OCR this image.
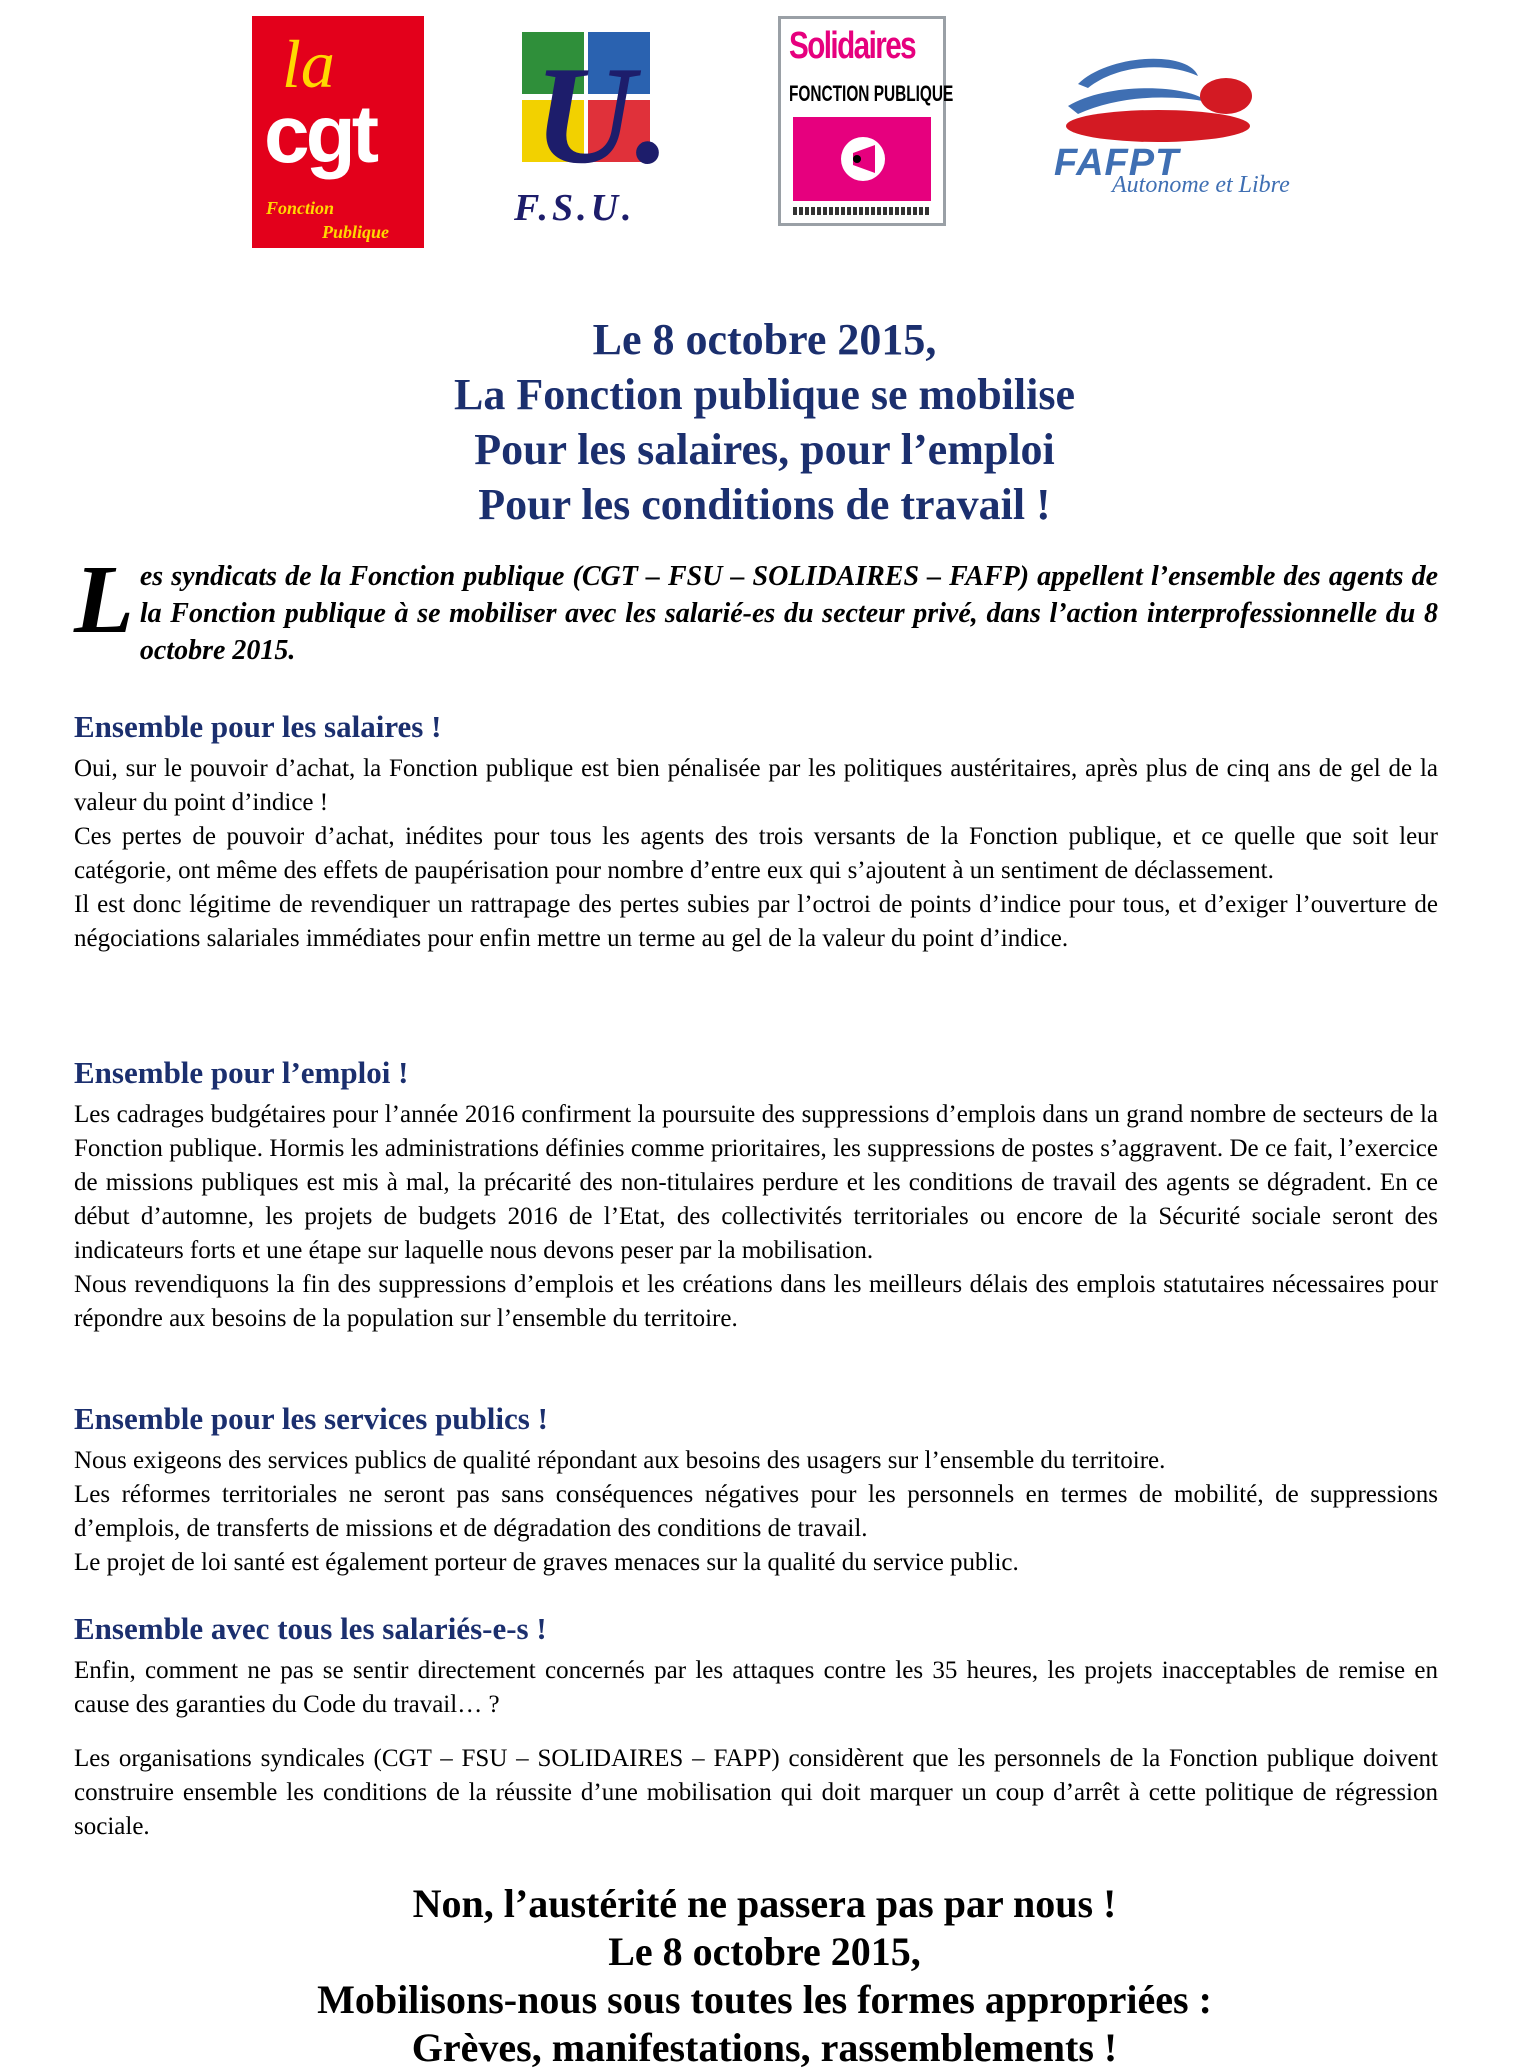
la
cgt
Fonction
Publique
U.
F.S.U.
Solidaires
FONCTION PUBLIQUE
FAFPT
Autonome et Libre
Le 8 octobre 2015,
La Fonction publique se mobilise
Pour les salaires, pour l’emploi
Pour les conditions de travail !
Les syndicats de la Fonction publique (CGT – FSU – SOLIDAIRES – FAFP) appellent l’ensemble des agents de la Fonction publique à se mobiliser avec les salarié-es du secteur privé, dans l’action interprofessionnelle du 8 octobre 2015.
Ensemble pour les salaires !

Oui, sur le pouvoir d’achat, la Fonction publique est bien pénalisée par les politiques austéritaires, après plus de cinq ans de gel de la valeur du point d’indice !

Ces pertes de pouvoir d’achat, inédites pour tous les agents des trois versants de la Fonction publique, et ce quelle que soit leur catégorie, ont même des effets de paupérisation pour nombre d’entre eux qui s’ajoutent à un sentiment de déclassement.

Il est donc légitime de revendiquer un rattrapage des pertes subies par l’octroi de points d’indice pour tous, et d’exiger l’ouverture de négociations salariales immédiates pour enfin mettre un terme au gel de la valeur du point d’indice.

Ensemble pour l’emploi !

Les cadrages budgétaires pour l’année 2016 confirment la poursuite des suppressions d’emplois dans un grand nombre de secteurs de la Fonction publique. Hormis les administrations définies comme prioritaires, les suppressions de postes s’aggravent. De ce fait, l’exercice de missions publiques est mis à mal, la précarité des non-titulaires perdure et les conditions de travail des agents se dégradent. En ce début d’automne, les projets de budgets 2016 de l’Etat, des collectivités territoriales ou encore de la Sécurité sociale seront des indicateurs forts et une étape sur laquelle nous devons peser par la mobilisation.

Nous revendiquons la fin des suppressions d’emplois et les créations dans les meilleurs délais des emplois statutaires nécessaires pour répondre aux besoins de la population sur l’ensemble du territoire.

Ensemble pour les services publics !

Nous exigeons des services publics de qualité répondant aux besoins des usagers sur l’ensemble du territoire.

Les réformes territoriales ne seront pas sans conséquences négatives pour les personnels en termes de mobilité, de suppressions d’emplois, de transferts de missions et de dégradation des conditions de travail.

Le projet de loi santé est également porteur de graves menaces sur la qualité du service public.

Ensemble avec tous les salariés-e-s !

Enfin, comment ne pas se sentir directement concernés par les attaques contre les 35 heures, les projets inacceptables de remise en cause des garanties du Code du travail… ?

Les organisations syndicales (CGT – FSU – SOLIDAIRES – FAPP) considèrent que les personnels de la Fonction publique doivent construire ensemble les conditions de la réussite d’une mobilisation qui doit marquer un coup d’arrêt à cette politique de régression sociale.
Non, l’austérité ne passera pas par nous !
Le 8 octobre 2015,
Mobilisons-nous sous toutes les formes appropriées :
Grèves, manifestations, rassemblements !
